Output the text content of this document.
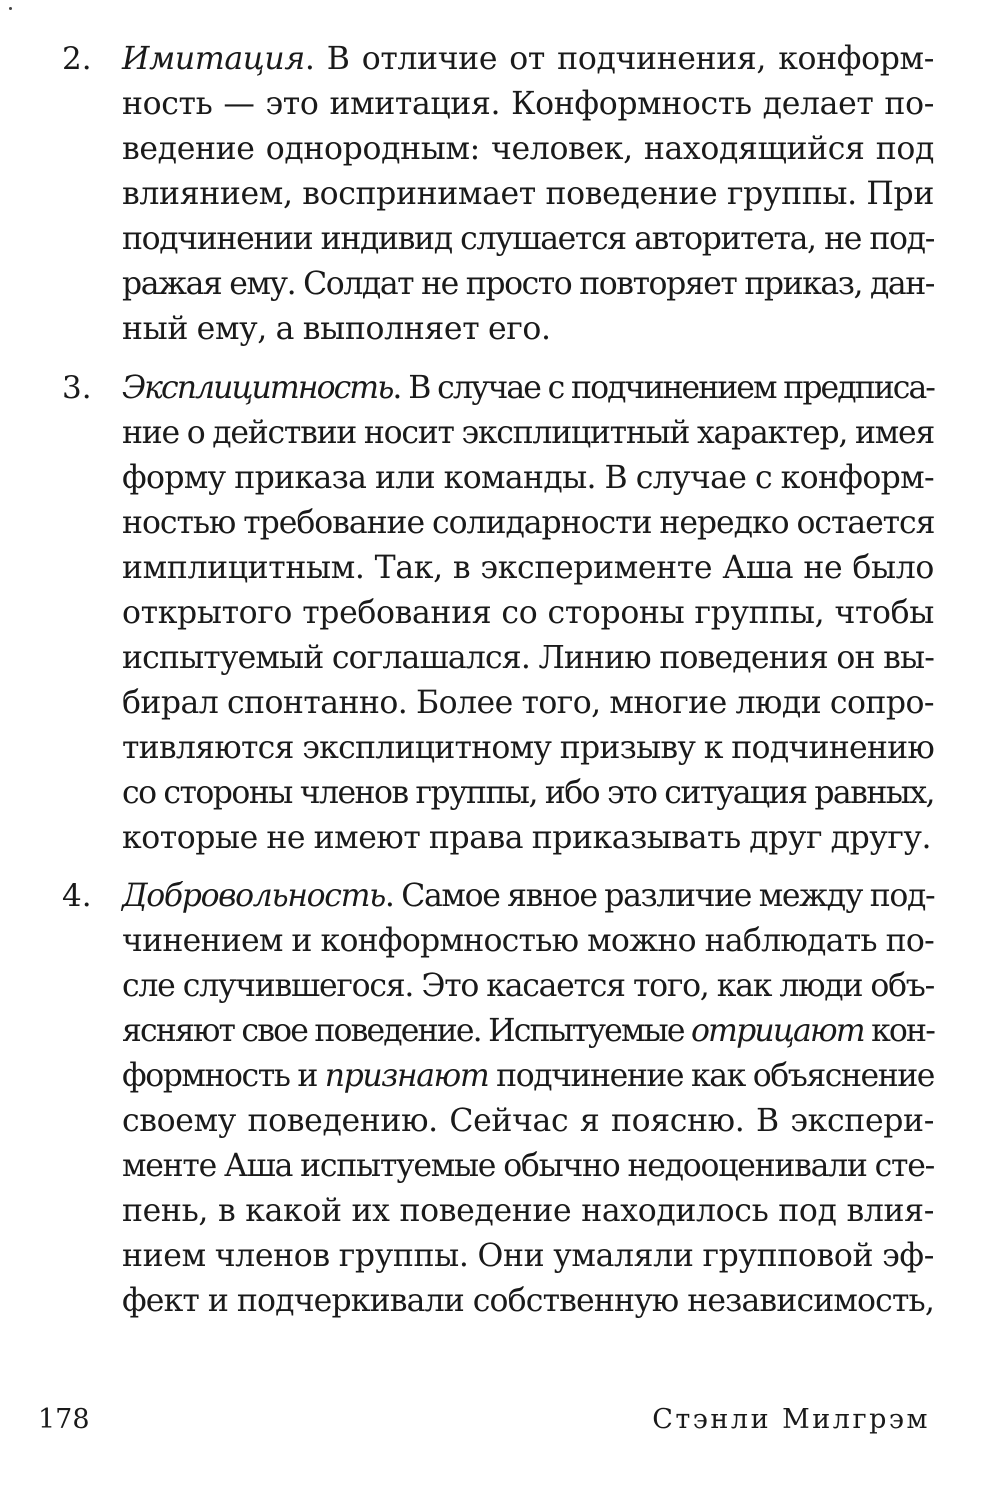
2. Имитация. В отличие от подчинения, конформ-
ность — это имитация. Конформность делает по-
ведение однородным: человек, находящийся под
влиянием, воспринимает поведение группы. При
подчинении индивид слушается авторитета, не под-
ражая ему. Солдат не просто повторяет приказ, дан-
ный ему, а выполняет его.
3. Эксплицитность. В случае с подчинением предписа-
ние о действии носит эксплицитный характер, имея
форму приказа или команды. В случае с конформ-
ностью требование солидарности нередко остается
имплицитным. Так, в эксперименте Аша не было
открытого требования со стороны группы, чтобы
испытуемый соглашался. Линию поведения он вы-
бирал спонтанно. Более того, многие люди сопро-
тивляются эксплицитному призыву к подчинению
со стороны членов группы, ибо это ситуация равных,
которые не имеют права приказывать друг другу.
4. Добровольность. Самое явное различие между под-
чинением и конформностью можно наблюдать по-
сле случившегося. Это касается того, как люди объ-
ясняют свое поведение. Испытуемые отрицают кон-
формность и признают подчинение как объяснение
своему поведению. Сейчас я поясню. В экспери-
менте Аша испытуемые обычно недооценивали сте-
пень, в какой их поведение находилось под влия-
нием членов группы. Они умаляли групповой эф-
фект и подчеркивали собственную независимость,
178	Стэнли Милгрэм
